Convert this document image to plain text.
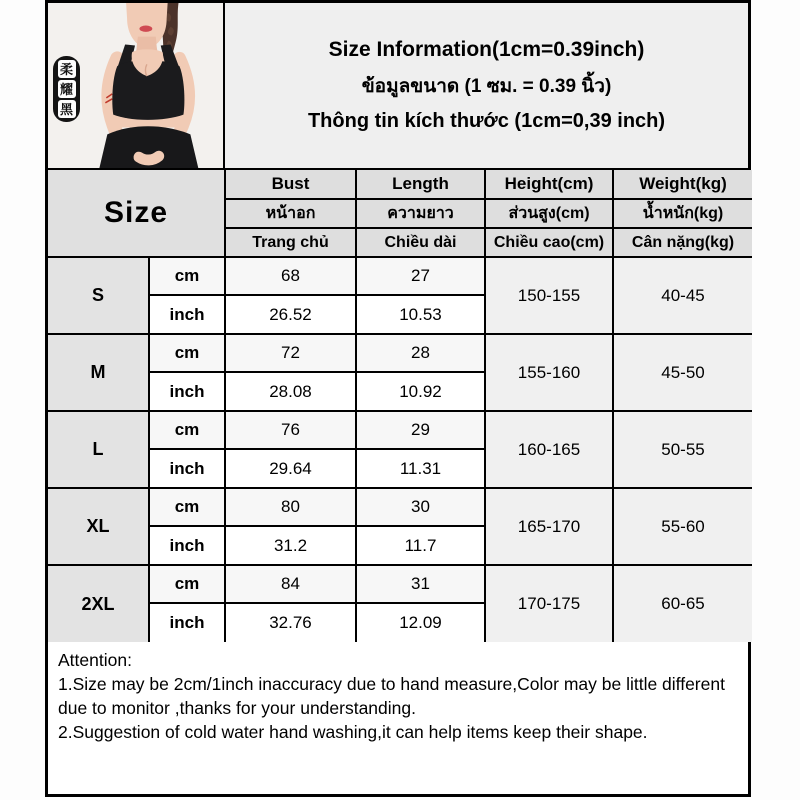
柔
耀
黑
Size Information(1cm=0.39inch)
ข้อมูลขนาด (1 ซม. = 0.39 นิ้ว)
Thông tin kích thước (1cm=0,39 inch)
Size		Bust	Length	Height(cm)	Weight(kg)
		หน้าอก	ความยาว	ส่วนสูง(cm)	น้ำหนัก(kg)
		Trang chủ	Chiều dài	Chiều cao(cm)	Cân nặng(kg)
S	cm	68	27	150-155	40-45
	inch	26.52	10.53		
M	cm	72	28	155-160	45-50
	inch	28.08	10.92		
L	cm	76	29	160-165	50-55
	inch	29.64	11.31		
XL	cm	80	30	165-170	55-60
	inch	31.2	11.7		
2XL	cm	84	31	170-175	60-65
	inch	32.76	12.09		

Attention:

1.Size may be 2cm/1inch inaccuracy due to hand measure,Color may be little different due to monitor ,thanks for your understanding.

2.Suggestion of cold water hand washing,it can help items keep their shape.
